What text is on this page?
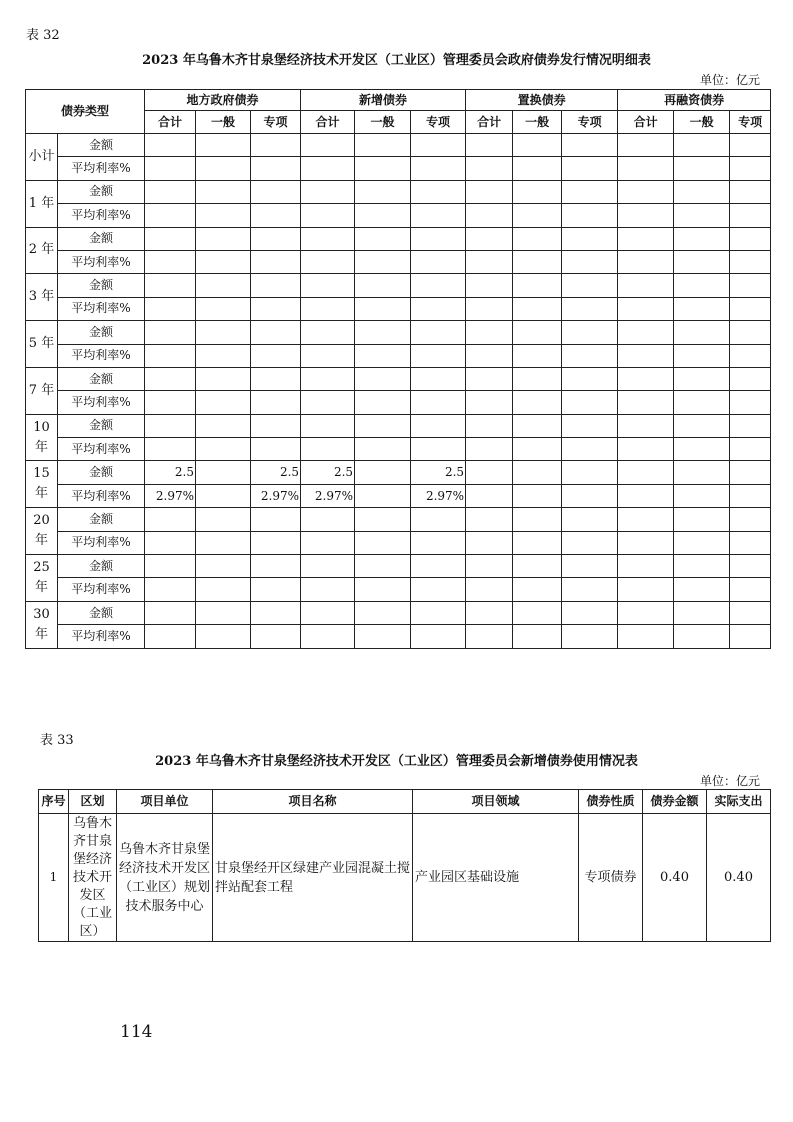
表 32
2023 年乌鲁木齐甘泉堡经济技术开发区（工业区）管理委员会政府债券发行情况明细表
单位：亿元
债券类型		地方政府债券			新增债券			置换债券			再融资债券		
		合计	一般	专项	合计	一般	专项	合计	一般	专项	合计	一般	专项
小计	金额												
	平均利率%												
1 年	金额												
	平均利率%												
2 年	金额												
	平均利率%												
3 年	金额												
	平均利率%												
5 年	金额												
	平均利率%												
7 年	金额												
	平均利率%												
10 年	金额												
	平均利率%												
15 年	金额	2.5		2.5	2.5		2.5						
	平均利率%	2.97%		2.97%	2.97%		2.97%						
20 年	金额												
	平均利率%												
25 年	金额												
	平均利率%												
30 年	金额												
	平均利率%												
表 33
2023 年乌鲁木齐甘泉堡经济技术开发区（工业区）管理委员会新增债券使用情况表
单位：亿元
序号	区划	项目单位	项目名称	项目领域	债券性质	债券金额	实际支出
1	乌鲁木齐甘泉堡经济技术开发区（工业区）	乌鲁木齐甘泉堡经济技术开发区（工业区）规划技术服务中心	甘泉堡经开区绿建产业园混凝土搅拌站配套工程	产业园区基础设施	专项债券	0.40	0.40
114
